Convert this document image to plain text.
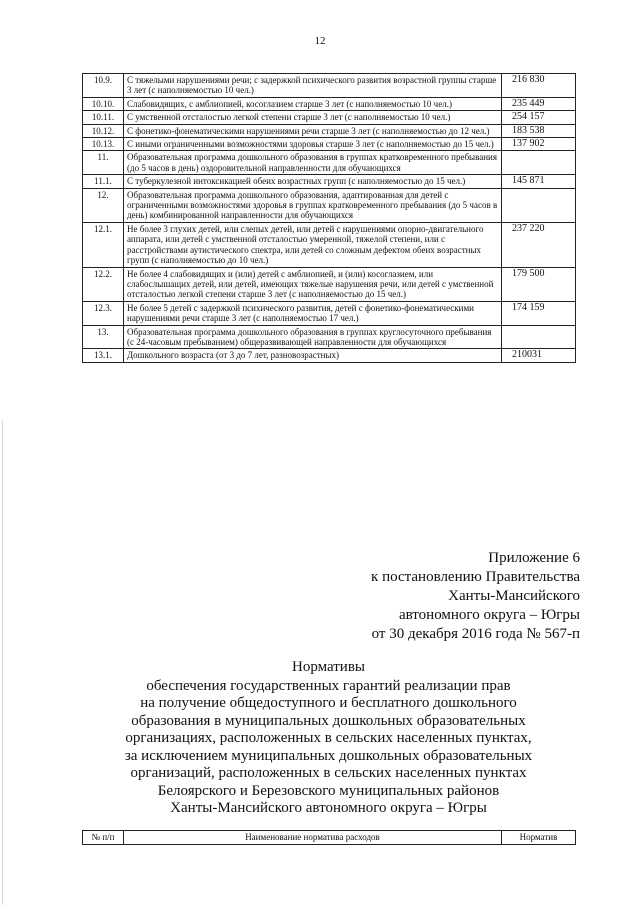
12
10.9.	С тяжелыми нарушениями речи; с задержкой психического развития возрастной группы старше 3 лет (с наполняемостью 10 чел.)	216 830
10.10.	Слабовидящих, с амблиопией, косоглазием старше 3 лет (с наполняемостью 10 чел.)	235 449
10.11.	С умственной отсталостью легкой степени старше 3 лет (с наполняемостью 10 чел.)	254 157
10.12.	С фонетико-фонематическими нарушениями речи старше 3 лет (с наполняемостью до 12 чел.)	183 538
10.13.	С иными ограниченными возможностями здоровья старше 3 лет (с наполняемостью до 15 чел.)	137 902
11.	Образовательная программа дошкольного образования в группах кратковременного пребывания (до 5 часов в день) оздоровительной направленности для обучающихся	
11.1.	С туберкулезной интоксикацией обеих возрастных групп (с наполняемостью до 15 чел.)	145 871
12.	Образовательная программа дошкольного образования, адаптированная для детей с ограниченными возможностями здоровья в группах кратковременного пребывания (до 5 часов в день) комбинированной направленности для обучающихся	
12.1.	Не более 3 глухих детей, или слепых детей, или детей с нарушениями опорно-двигательного аппарата, или детей с умственной отсталостью умеренной, тяжелой степени, или с расстройствами аутистического спектра, или детей со сложным дефектом обеих возрастных групп (с наполняемостью до 10 чел.)	237 220
12.2.	Не более 4 слабовидящих и (или) детей с амблиопией, и (или) косоглазием, или слабослышащих детей, или детей, имеющих тяжелые нарушения речи, или детей с умственной отсталостью легкой степени старше 3 лет (с наполняемостью до 15 чел.)	179 500
12.3.	Не более 5 детей с задержкой психического развития, детей с фонетико-фонематическими нарушениями речи старше 3 лет (с наполняемостью 17 чел.)	174 159
13.	Образовательная программа дошкольного образования в группах круглосуточного пребывания (с 24-часовым пребыванием) общеразвивающей направленности для обучающихся	
13.1.	Дошкольного возраста (от 3 до 7 лет, разновозрастных)	210031
Приложение 6
к постановлению Правительства
Ханты-Мансийского
автономного округа – Югры
от 30 декабря 2016 года № 567-п
Нормативы
обеспечения государственных гарантий реализации прав
на получение общедоступного и бесплатного дошкольного
образования в муниципальных дошкольных образовательных
организациях, расположенных в сельских населенных пунктах,
за исключением муниципальных дошкольных образовательных
организаций, расположенных в сельских населенных пунктах
Белоярского и Березовского муниципальных районов
Ханты-Мансийского автономного округа – Югры
№ п/п	Наименование норматива расходов	Норматив
